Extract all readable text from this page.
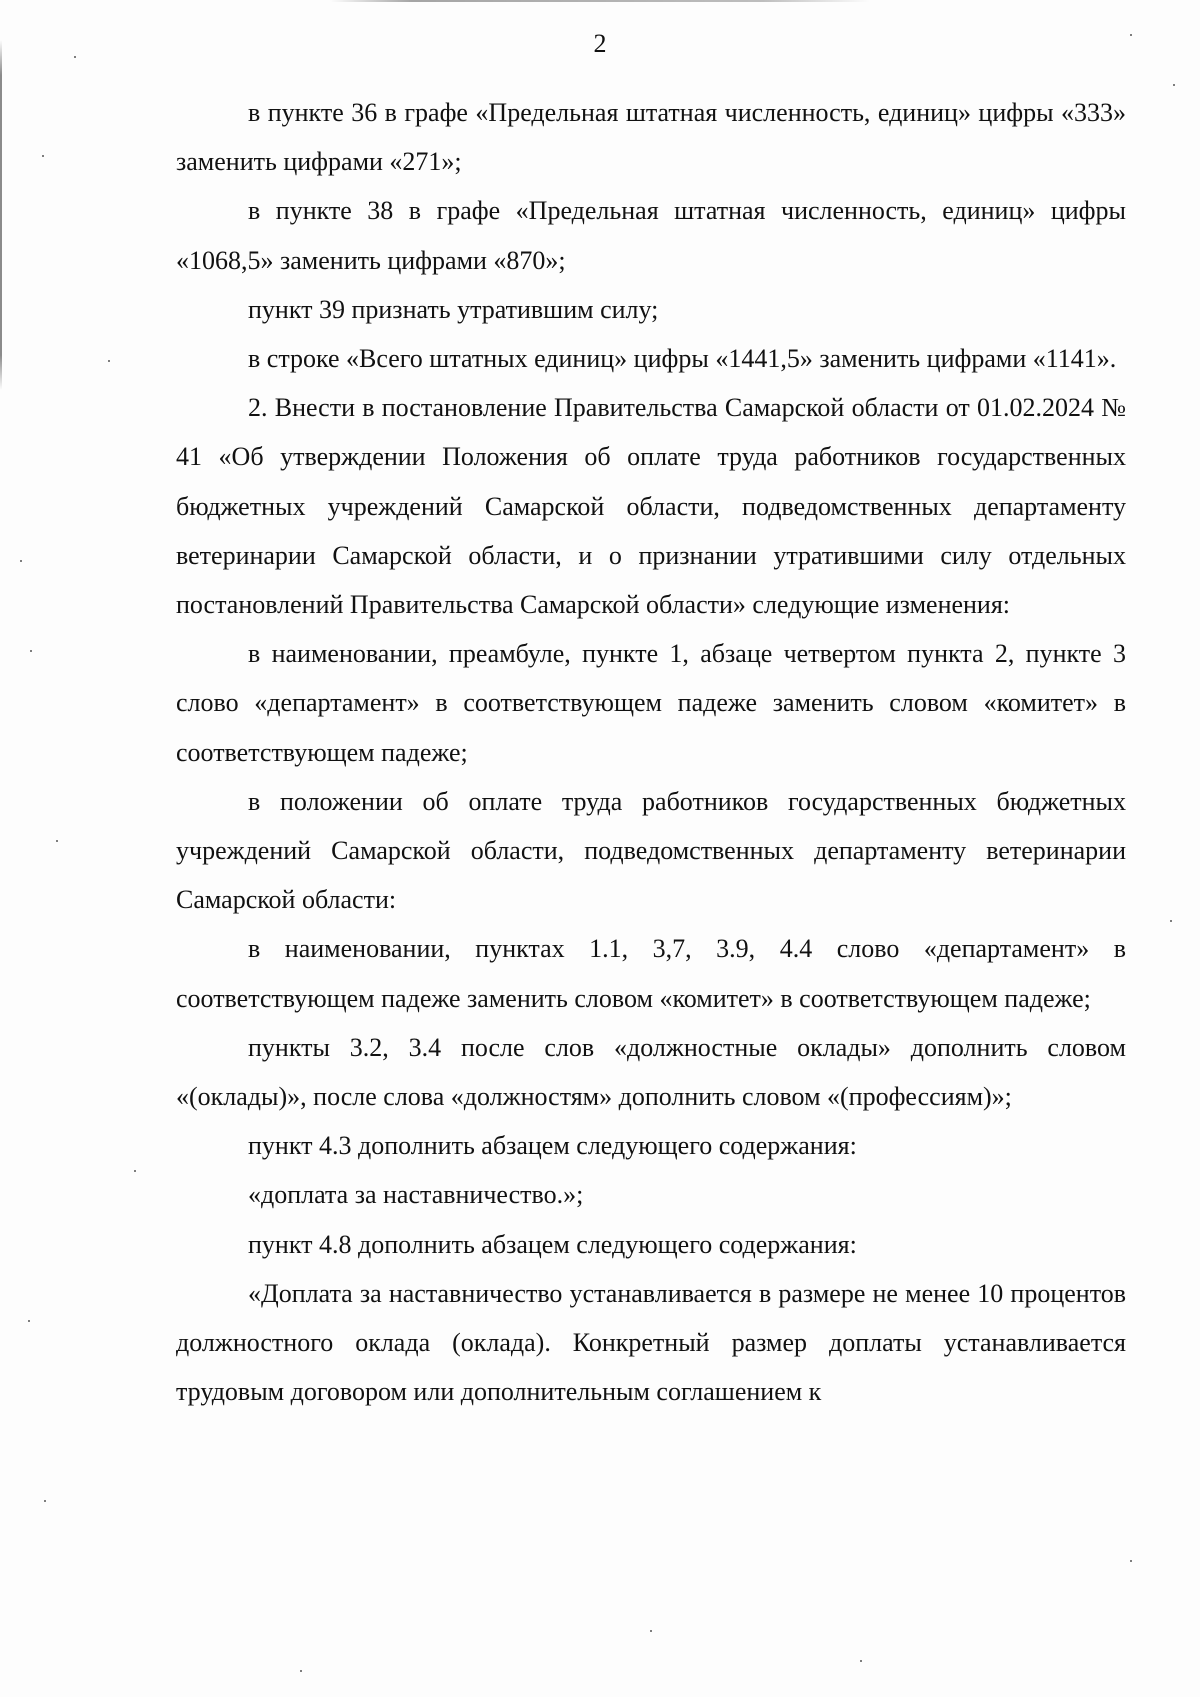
2

в пункте 36 в графе «Предельная штатная численность, единиц» цифры «333» заменить цифрами «271»;

в пункте 38 в графе «Предельная штатная численность, единиц» цифры «1068,5» заменить цифрами «870»;

пункт 39 признать утратившим силу;

в строке «Всего штатных единиц» цифры «1441,5» заменить цифрами «1141».

2. Внести в постановление Правительства Самарской области от 01.02.2024 № 41 «Об утверждении Положения об оплате труда работников государственных бюджетных учреждений Самарской области, подведомственных департаменту ветеринарии Самарской области, и о признании утратившими силу отдельных постановлений Правительства Самарской области» следующие изменения:

в наименовании, преамбуле, пункте 1, абзаце четвертом пункта 2, пункте 3 слово «департамент» в соответствующем падеже заменить словом «комитет» в соответствующем падеже;

в положении об оплате труда работников государственных бюджетных учреждений Самарской области, подведомственных департаменту ветеринарии Самарской области:

в наименовании, пунктах 1.1, 3,7, 3.9, 4.4 слово «департамент» в соответствующем падеже заменить словом «комитет» в соответствующем падеже;

пункты 3.2, 3.4 после слов «должностные оклады» дополнить словом «(оклады)», после слова «должностям» дополнить словом «(профессиям)»;

пункт 4.3 дополнить абзацем следующего содержания:

«доплата за наставничество.»;

пункт 4.8 дополнить абзацем следующего содержания:

«Доплата за наставничество устанавливается в размере не менее 10 процентов должностного оклада (оклада). Конкретный размер доплаты устанавливается трудовым договором или дополнительным соглашением к
